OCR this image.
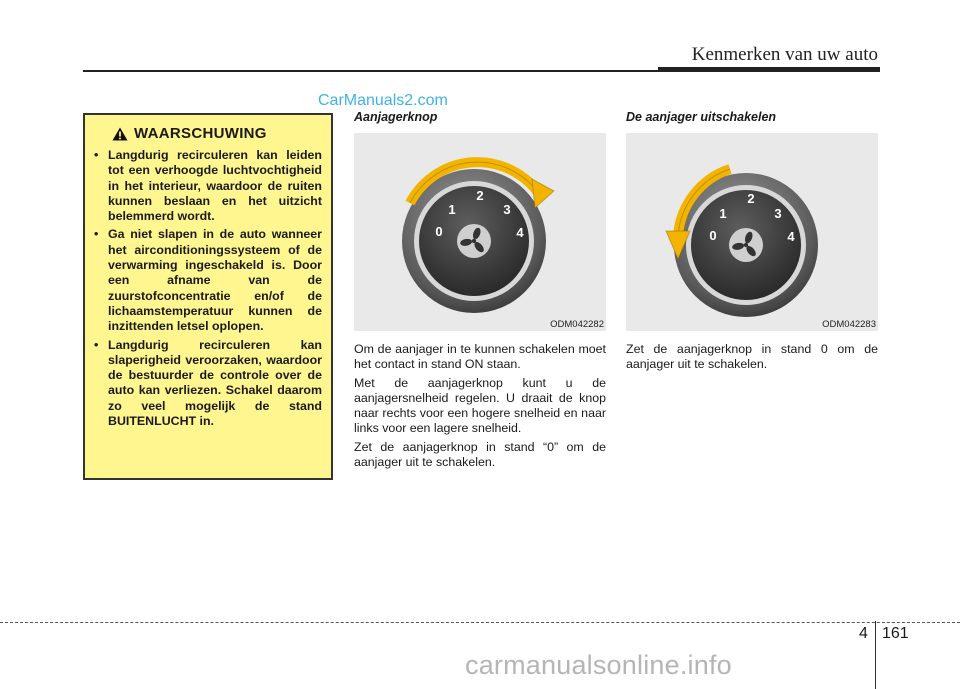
Kenmerken van uw auto
CarManuals2.com
WAARSCHUWING
• Langdurig recirculeren kan leiden tot een verhoogde luchtvochtigheid in het interieur, waardoor de ruiten kunnen beslaan en het uitzicht belemmerd wordt.
• Ga niet slapen in de auto wanneer het airconditioningssysteem of de verwarming ingeschakeld is. Door een afname van de zuurstofconcentratie en/of de lichaamstemperatuur kunnen de inzittenden letsel oplopen.
• Langdurig recirculeren kan slaperigheid veroorzaken, waardoor de bestuurder de controle over de auto kan verliezen. Schakel daarom zo veel mogelijk de stand BUITENLUCHT in.
Aanjagerknop
0
1
2
3
4
ODM042282

Om de aanjager in te kunnen schakelen moet het contact in stand ON staan.

Met de aanjagerknop kunt u de aanjagersnelheid regelen. U draait de knop naar rechts voor een hogere snelheid en naar links voor een lagere snelheid.

Zet de aanjagerknop in stand “0” om de aanjager uit te schakelen.

De aanjager uitschakelen
0
1
2
3
4
ODM042283

Zet de aanjagerknop in stand 0 om de aanjager uit te schakelen.

4 161
carmanualsonline.info
